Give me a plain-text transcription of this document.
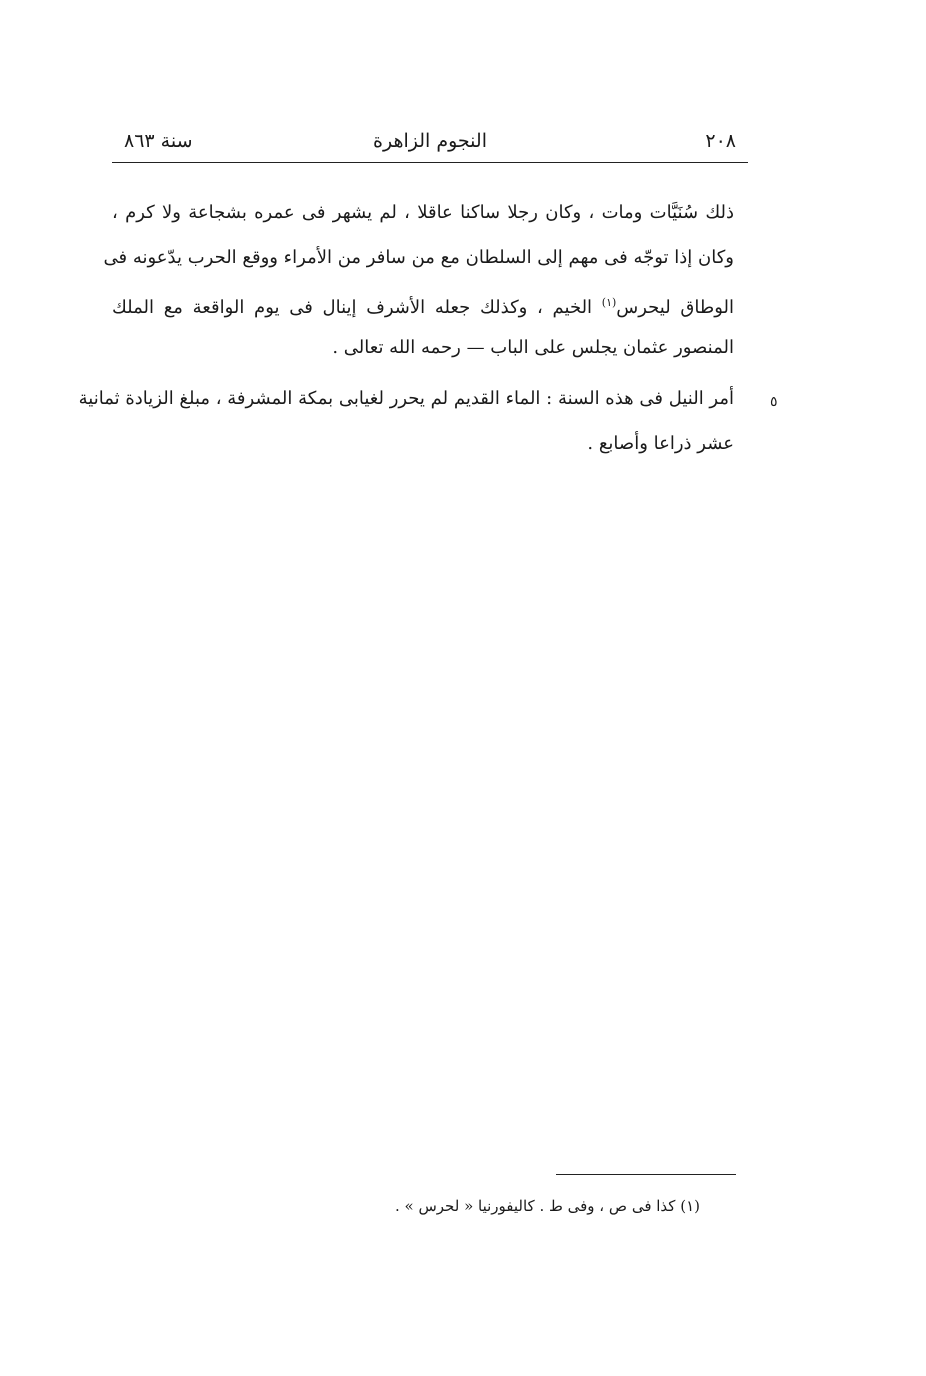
٢٠٨
النجوم الزاهرة
سنة ٨٦٣
ذلك سُنَيَّات ومات ، وكان رجلا ساكنا عاقلا ، لم يشهر فى عمره بشجاعة ولا كرم ،
وكان إذا توجّه فى مهم إلى السلطان مع من سافر من الأمراء ووقع الحرب يدّعونه فى
الوطاق ليحرس$^{(١)}$ الخيم ، وكذلك جعله الأشرف إينال فى يوم الواقعة مع الملك
المنصور عثمان يجلس على الباب — رحمه الله تعالى .
أمر النيل فى هذه السنة : الماء القديم لم يحرر لغيابى بمكة المشرفة ، مبلغ الزيادة ثمانية
عشر ذراعا وأصابع .
٥
(١) كذا فى ص ، وفى ط . كاليفورنيا « لحرس » .
